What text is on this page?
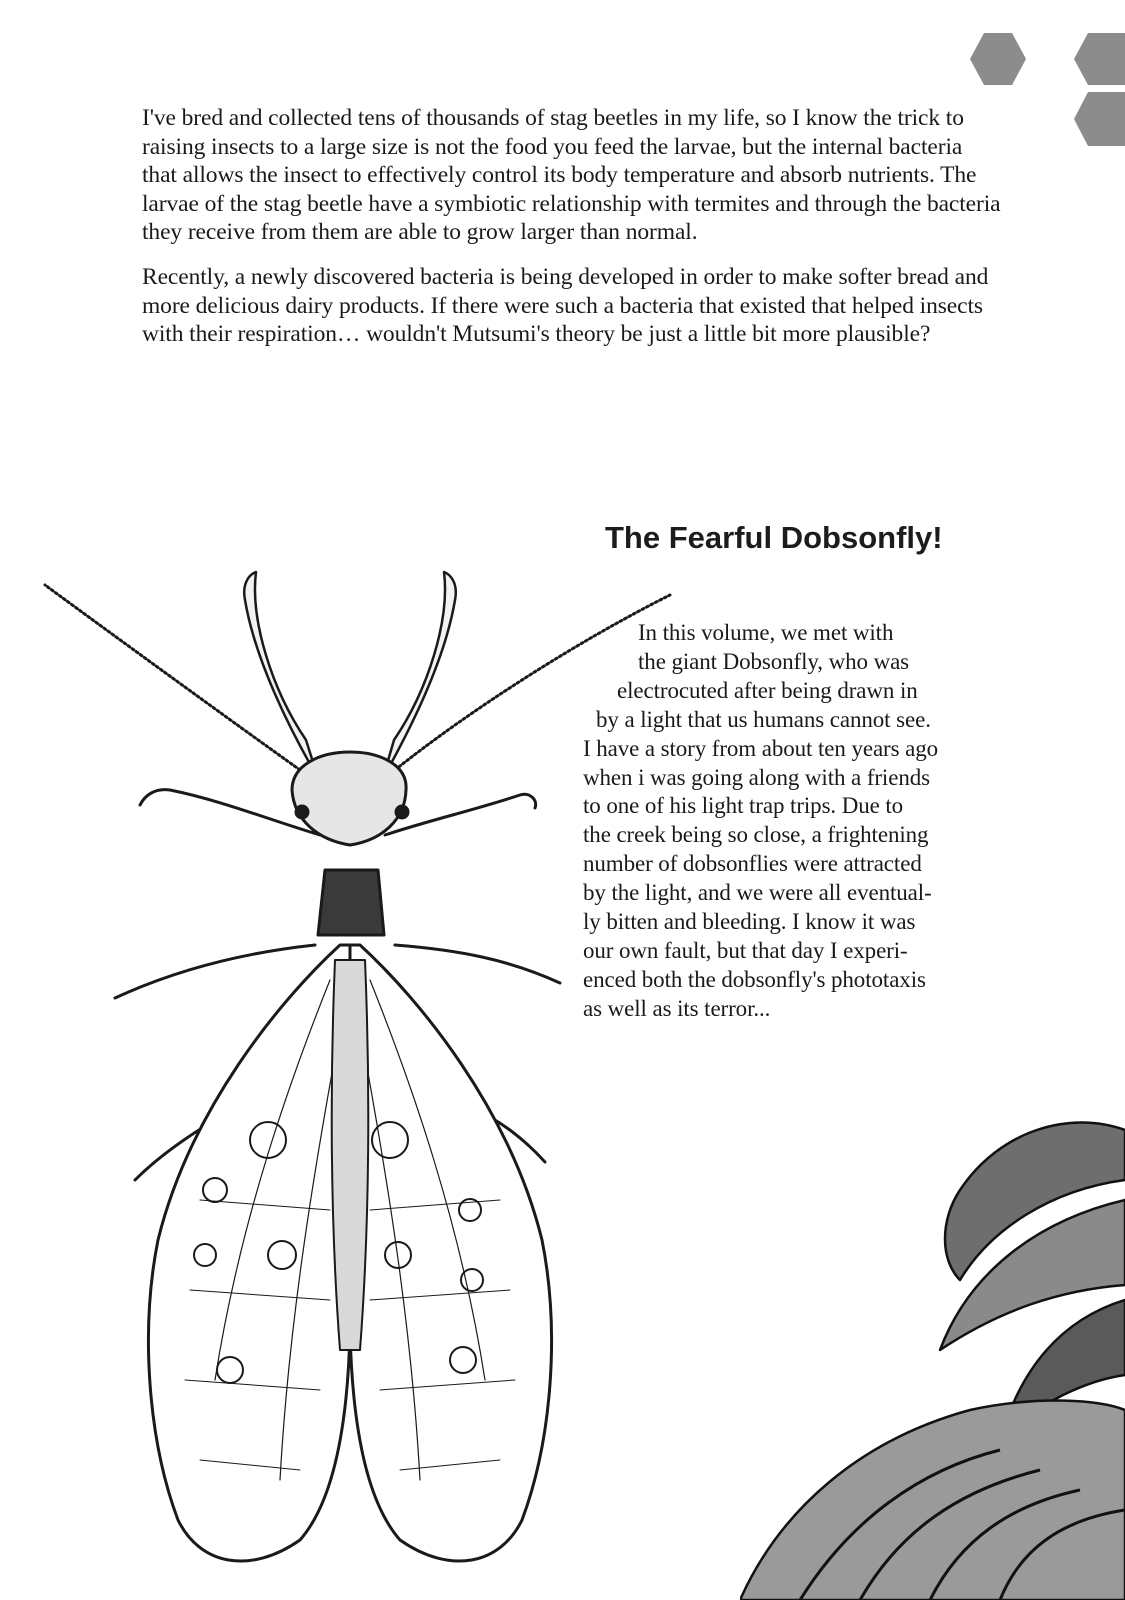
I've bred and collected tens of thousands of stag beetles in my life, so I know the trick to raising insects to a large size is not the food you feed the larvae, but the internal bacteria that allows the insect to effectively control its body temperature and absorb nutrients. The larvae of the stag beetle have a symbiotic relationship with termites and through the bacteria they receive from them are able to grow larger than normal.

Recently, a newly discovered bacteria is being developed in order to make softer bread and more delicious dairy products. If there were such a bacteria that existed that helped insects with their respiration… wouldn't Mutsumi's theory be just a little bit more plausible?

The Fearful Dobsonfly!
In this volume, we met with
the giant Dobsonfly, who was
electrocuted after being drawn in
by a light that us humans cannot see.
I have a story from about ten years ago
when i was going along with a friends
to one of his light trap trips. Due to
the creek being so close, a frightening
number of dobsonflies were attracted
by the light, and we were all eventual-
ly bitten and bleeding. I know it was
our own fault, but that day I experi-
enced both the dobsonfly's phototaxis
as well as its terror...
